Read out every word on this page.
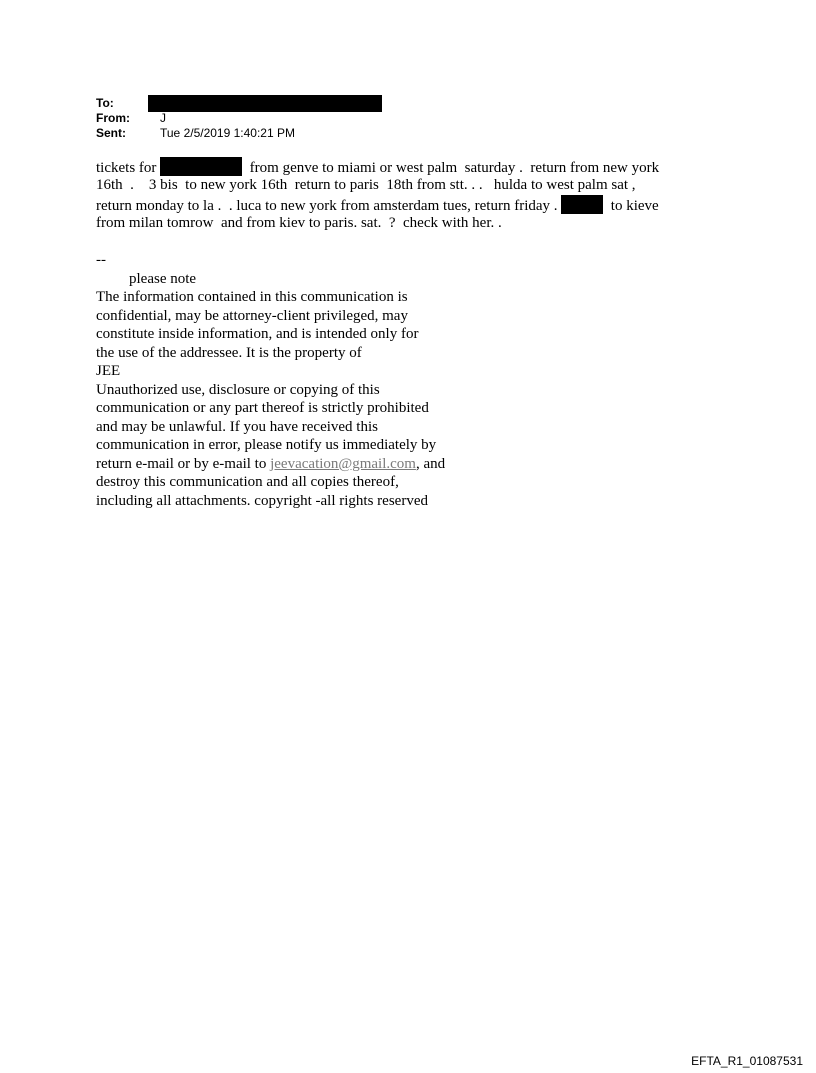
To:
From:	J
Sent:	Tue 2/5/2019 1:40:21 PM
tickets for	from genve to miami or west palm  saturday .  return from new york
16th  .    3 bis  to new york 16th  return to paris  18th from stt. . .   hulda to west palm sat ,
return monday to la .  . luca to new york from amsterdam tues, return friday .	to kieve
from milan tomrow  and from kiev to paris. sat.  ?  check with her. .
--
please note
The information contained in this communication is
confidential, may be attorney-client privileged, may
constitute inside information, and is intended only for
the use of the addressee. It is the property of
JEE
Unauthorized use, disclosure or copying of this
communication or any part thereof is strictly prohibited
and may be unlawful. If you have received this
communication in error, please notify us immediately by
return e-mail or by e-mail to jeevacation@gmail.com, and
destroy this communication and all copies thereof,
including all attachments. copyright -all rights reserved
EFTA_R1_01087531
